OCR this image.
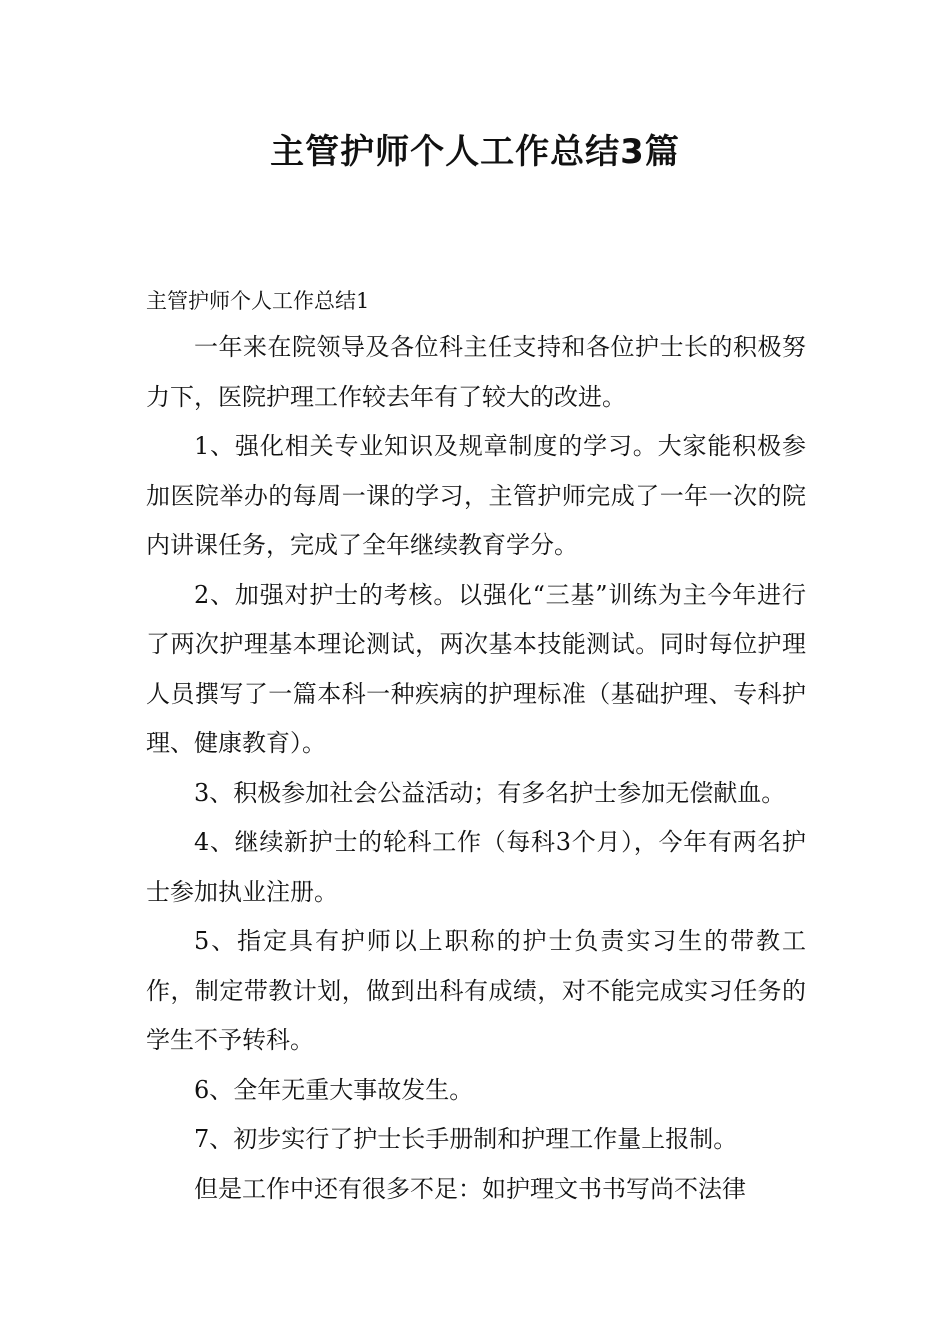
主管护师个人工作总结3篇

主管护师个人工作总结1

一年来在院领导及各位科主任支持和各位护士长的积极努力下，医院护理工作较去年有了较大的改进。

1、强化相关专业知识及规章制度的学习。大家能积极参加医院举办的每周一课的学习，主管护师完成了一年一次的院内讲课任务，完成了全年继续教育学分。

2、加强对护士的考核。以强化“三基”训练为主今年进行了两次护理基本理论测试，两次基本技能测试。同时每位护理人员撰写了一篇本科一种疾病的护理标准（基础护理、专科护理、健康教育）。

3、积极参加社会公益活动；有多名护士参加无偿献血。

4、继续新护士的轮科工作（每科3个月），今年有两名护士参加执业注册。

5、指定具有护师以上职称的护士负责实习生的带教工作，制定带教计划，做到出科有成绩，对不能完成实习任务的学生不予转科。

6、全年无重大事故发生。

7、初步实行了护士长手册制和护理工作量上报制。

但是工作中还有很多不足：如护理文书书写尚不法律
